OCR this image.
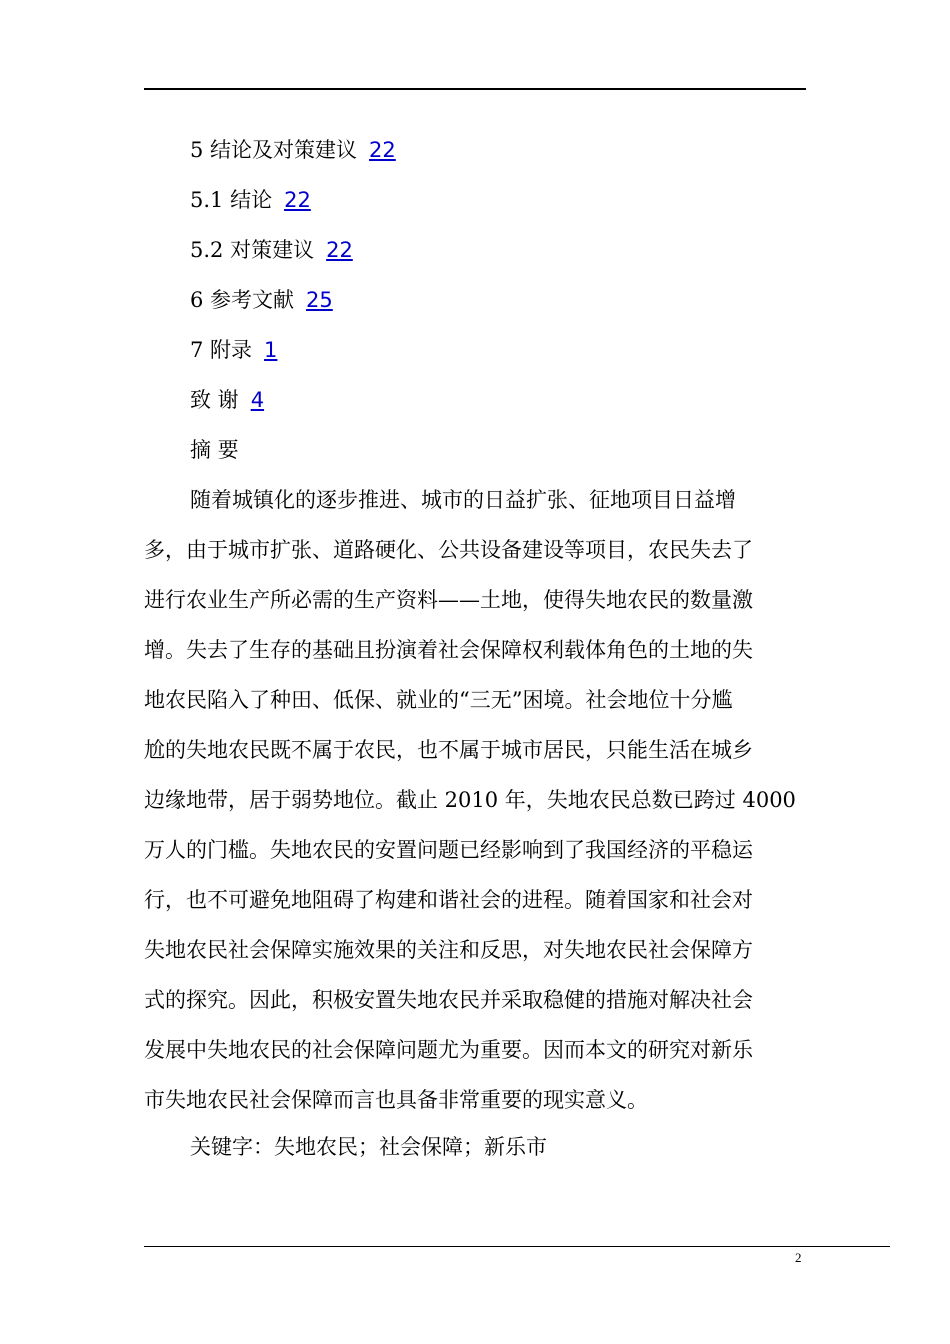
5 结论及对策建议 22
5.1 结论 22
5.2 对策建议 22
6 参考文献 25
7 附录 1
致 谢 4
摘 要
随着城镇化的逐步推进、城市的日益扩张、征地项目日益增
多，由于城市扩张、道路硬化、公共设备建设等项目，农民失去了
进行农业生产所必需的生产资料——土地，使得失地农民的数量激
增。失去了生存的基础且扮演着社会保障权利载体角色的土地的失
地农民陷入了种田、低保、就业的“三无”困境。社会地位十分尴
尬的失地农民既不属于农民，也不属于城市居民，只能生活在城乡
边缘地带，居于弱势地位。截止 2010 年，失地农民总数已跨过 4000
万人的门槛。失地农民的安置问题已经影响到了我国经济的平稳运
行，也不可避免地阻碍了构建和谐社会的进程。随着国家和社会对
失地农民社会保障实施效果的关注和反思，对失地农民社会保障方
式的探究。因此，积极安置失地农民并采取稳健的措施对解决社会
发展中失地农民的社会保障问题尤为重要。因而本文的研究对新乐
市失地农民社会保障而言也具备非常重要的现实意义。
关键字：失地农民；社会保障；新乐市
2
